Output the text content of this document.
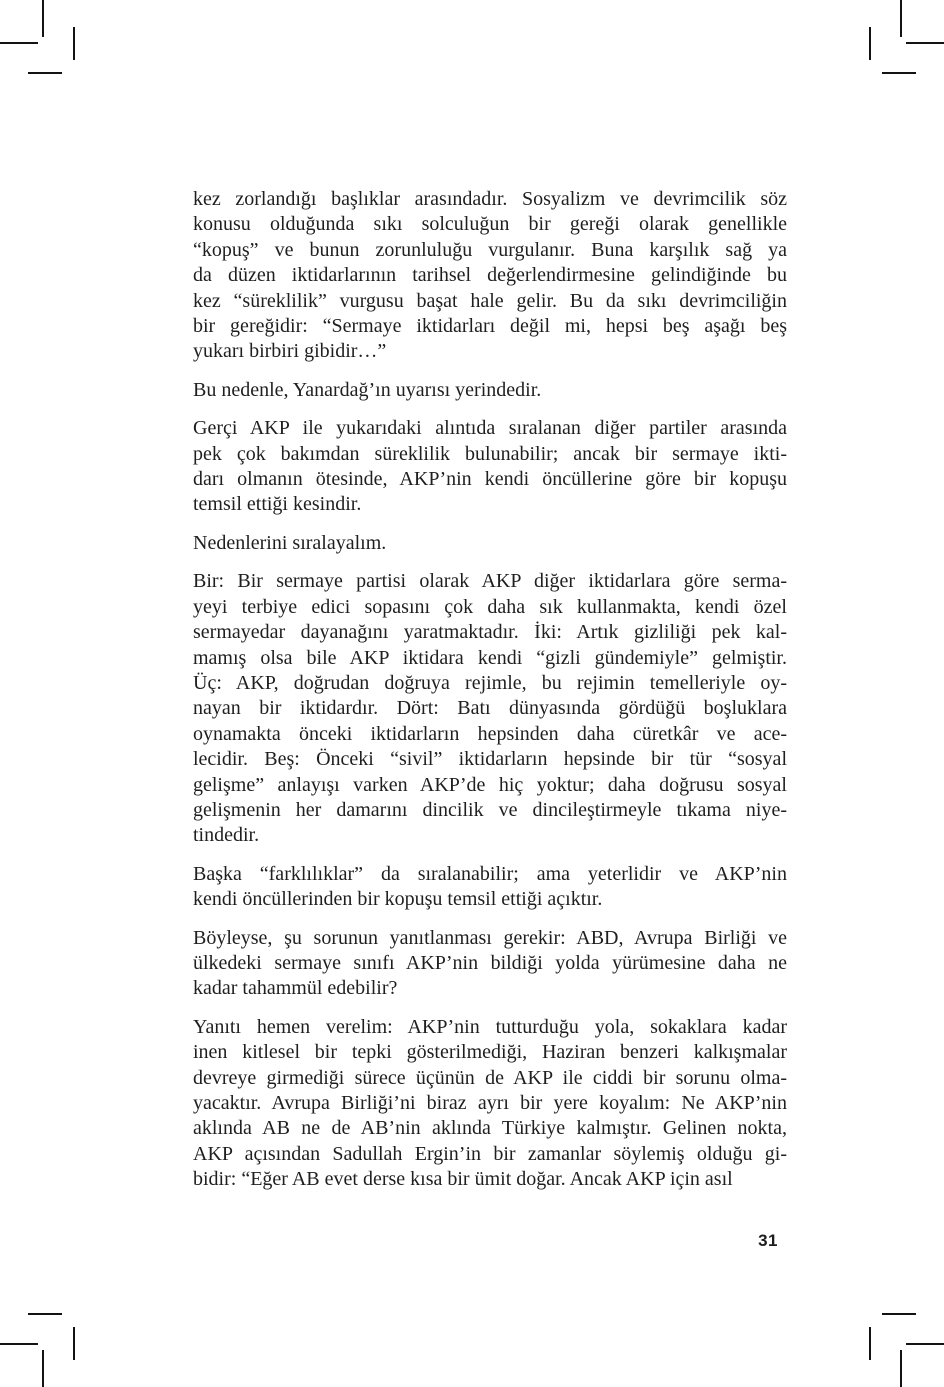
kez zorlandığı başlıklar arasındadır. Sosyalizm ve devrimcilik söz
konusu olduğunda sıkı solculuğun bir gereği olarak genellikle
“kopuş” ve bunun zorunluluğu vurgulanır. Buna karşılık sağ ya
da düzen iktidarlarının tarihsel değerlendirmesine gelindiğinde bu
kez “süreklilik” vurgusu başat hale gelir. Bu da sıkı devrimciliğin
bir gereğidir: “Sermaye iktidarları değil mi, hepsi beş aşağı beş
yukarı birbiri gibidir…”
Bu nedenle, Yanardağ’ın uyarısı yerindedir.
Gerçi AKP ile yukarıdaki alıntıda sıralanan diğer partiler arasında
pek çok bakımdan süreklilik bulunabilir; ancak bir sermaye ikti-
darı olmanın ötesinde, AKP’nin kendi öncüllerine göre bir kopuşu
temsil ettiği kesindir.
Nedenlerini sıralayalım.
Bir: Bir sermaye partisi olarak AKP diğer iktidarlara göre serma-
yeyi terbiye edici sopasını çok daha sık kullanmakta, kendi özel
sermayedar dayanağını yaratmaktadır. İki: Artık gizliliği pek kal-
mamış olsa bile AKP iktidara kendi “gizli gündemiyle” gelmiştir.
Üç: AKP, doğrudan doğruya rejimle, bu rejimin temelleriyle oy-
nayan bir iktidardır. Dört: Batı dünyasında gördüğü boşluklara
oynamakta önceki iktidarların hepsinden daha cüretkâr ve ace-
lecidir. Beş: Önceki “sivil” iktidarların hepsinde bir tür “sosyal
gelişme” anlayışı varken AKP’de hiç yoktur; daha doğrusu sosyal
gelişmenin her damarını dincilik ve dincileştirmeyle tıkama niye-
tindedir.
Başka “farklılıklar” da sıralanabilir; ama yeterlidir ve AKP’nin
kendi öncüllerinden bir kopuşu temsil ettiği açıktır.
Böyleyse, şu sorunun yanıtlanması gerekir: ABD, Avrupa Birliği ve
ülkedeki sermaye sınıfı AKP’nin bildiği yolda yürümesine daha ne
kadar tahammül edebilir?
Yanıtı hemen verelim: AKP’nin tutturduğu yola, sokaklara kadar
inen kitlesel bir tepki gösterilmediği, Haziran benzeri kalkışmalar
devreye girmediği sürece üçünün de AKP ile ciddi bir sorunu olma-
yacaktır. Avrupa Birliği’ni biraz ayrı bir yere koyalım: Ne AKP’nin
aklında AB ne de AB’nin aklında Türkiye kalmıştır. Gelinen nokta,
AKP açısından Sadullah Ergin’in bir zamanlar söylemiş olduğu gi-
bidir: “Eğer AB evet derse kısa bir ümit doğar. Ancak AKP için asıl
31
